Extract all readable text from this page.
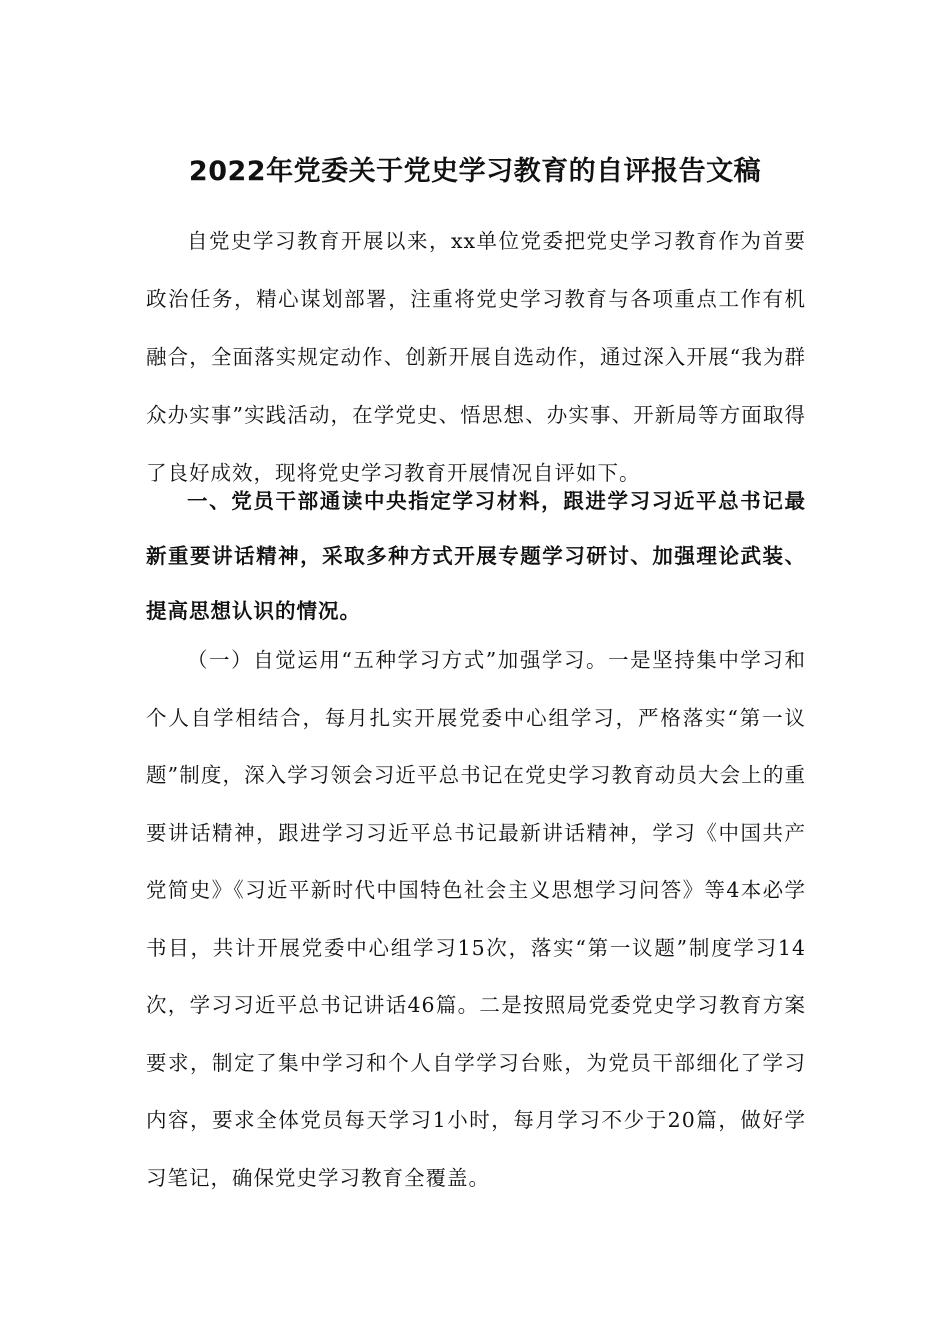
2022年党委关于党史学习教育的自评报告文稿

自党史学习教育开展以来，xx单位党委把党史学习教育作为首要政治任务，精心谋划部署，注重将党史学习教育与各项重点工作有机融合，全面落实规定动作、创新开展自选动作，通过深入开展“我为群众办实事”实践活动，在学党史、悟思想、办实事、开新局等方面取得了良好成效，现将党史学习教育开展情况自评如下。

一、党员干部通读中央指定学习材料，跟进学习习近平总书记最新重要讲话精神，采取多种方式开展专题学习研讨、加强理论武装、提高思想认识的情况。

（一）自觉运用“五种学习方式”加强学习。一是坚持集中学习和个人自学相结合，每月扎实开展党委中心组学习，严格落实“第一议题”制度，深入学习领会习近平总书记在党史学习教育动员大会上的重要讲话精神，跟进学习习近平总书记最新讲话精神，学习《中国共产党简史》《习近平新时代中国特色社会主义思想学习问答》等4本必学书目，共计开展党委中心组学习15次，落实“第一议题”制度学习14次，学习习近平总书记讲话46篇。二是按照局党委党史学习教育方案要求，制定了集中学习和个人自学学习台账，为党员干部细化了学习内容，要求全体党员每天学习1小时，每月学习不少于20篇，做好学习笔记，确保党史学习教育全覆盖。
